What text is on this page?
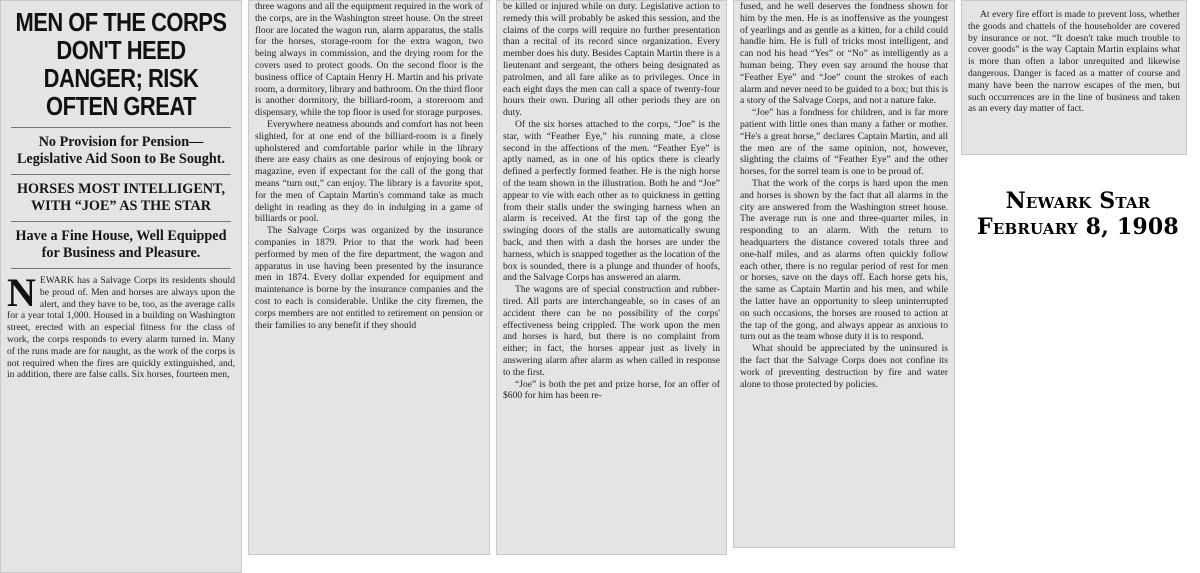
MEN OF THE CORPS DON'T HEED DANGER; RISK OFTEN GREAT
No Provision for Pension—Legislative Aid Soon to Be Sought.
HORSES MOST INTELLIGENT, WITH “JOE” AS THE STAR
Have a Fine House, Well Equipped for Business and Pleasure.

NEWARK has a Salvage Corps its residents should be proud of. Men and horses are always upon the alert, and they have to be, too, as the average calls for a year total 1,000. Housed in a building on Washington street, erected with an especial fitness for the class of work, the corps responds to every alarm turned in. Many of the runs made are for naught, as the work of the corps is not required when the fires are quickly extinguished, and, in addition, there are false calls. Six horses, fourteen men,

three wagons and all the equipment required in the work of the corps, are in the Washington street house. On the street floor are located the wagon run, alarm apparatus, the stalls for the horses, storage-room for the extra wagon, two being always in commission, and the drying room for the covers used to protect goods. On the second floor is the business office of Captain Henry H. Martin and his private room, a dormitory, library and bathroom. On the third floor is another dormitory, the billiard-room, a storeroom and dispensary, while the top floor is used for storage purposes.

Everywhere neatness abounds and comfort has not been slighted, for at one end of the billiard-room is a finely upholstered and comfortable parlor while in the library there are easy chairs as one desirous of enjoying book or magazine, even if expectant for the call of the gong that means “turn out,” can enjoy. The library is a favorite spot, for the men of Captain Martin's command take as much delight in reading as they do in indulging in a game of billiards or pool.

The Salvage Corps was organized by the insurance companies in 1879. Prior to that the work had been performed by men of the fire department, the wagon and apparatus in use having been presented by the insurance men in 1874. Every dollar expended for equipment and maintenance is borne by the insurance companies and the cost to each is considerable. Unlike the city firemen, the corps members are not entitled to retirement on pension or their families to any benefit if they should

be killed or injured while on duty. Legislative action to remedy this will probably be asked this session, and the claims of the corps will require no further presentation than a recital of its record since organization. Every member does his duty. Besides Captain Martin there is a lieutenant and sergeant, the others being designated as patrolmen, and all fare alike as to privileges. Once in each eight days the men can call a space of twenty-four hours their own. During all other periods they are on duty.

Of the six horses attached to the corps, “Joe” is the star, with “Feather Eye,” his running mate, a close second in the affections of the men. “Feather Eye” is aptly named, as in one of his optics there is clearly defined a perfectly formed feather. He is the nigh horse of the team shown in the illustration. Both he and “Joe” appear to vie with each other as to quickness in getting from their stalls under the swinging harness when an alarm is received. At the first tap of the gong the swinging doors of the stalls are automatically swung back, and then with a dash the horses are under the harness, which is snapped together as the location of the box is sounded, there is a plunge and thunder of hoofs, and the Salvage Corps has answered an alarm.

The wagons are of special construction and rubber-tired. All parts are interchangeable, so in cases of an accident there can be no possibility of the corps' effectiveness being crippled. The work upon the men and horses is hard, but there is no complaint from either; in fact, the horses appear just as lively in answering alarm after alarm as when called in response to the first.

“Joe” is both the pet and prize horse, for an offer of $600 for him has been re-

fused, and he well deserves the fondness shown for him by the men. He is as inoffensive as the youngest of yearlings and as gentle as a kitten, for a child could handle him. He is full of tricks most intelligent, and can nod his head “Yes” or “No” as intelligently as a human being. They even say around the house that “Feather Eye” and “Joe” count the strokes of each alarm and never need to be guided to a box; but this is a story of the Salvage Corps, and not a nature fake.

“Joe” has a fondness for children, and is far more patient with little ones than many a father or mother. “He's a great horse,” declares Captain Martin, and all the men are of the same opinion, not, however, slighting the claims of “Feather Eye” and the other horses, for the sorrel team is one to be proud of.

That the work of the corps is hard upon the men and horses is shown by the fact that all alarms in the city are answered from the Washington street house. The average run is one and three-quarter miles, in responding to an alarm. With the return to headquarters the distance covered totals three and one-half miles, and as alarms often quickly follow each other, there is no regular period of rest for men or horses, save on the days off. Each horse gets his, the same as Captain Martin and his men, and while the latter have an opportunity to sleep uninterrupted on such occasions, the horses are roused to action at the tap of the gong, and always appear as anxious to turn out as the team whose duty it is to respond.

What should be appreciated by the uninsured is the fact that the Salvage Corps does not confine its work of preventing destruction by fire and water alone to those protected by policies.

At every fire effort is made to prevent loss, whether the goods and chattels of the householder are covered by insurance or not. “It doesn't take much trouble to cover goods” is the way Captain Martin explains what is more than often a labor unrequited and likewise dangerous. Danger is faced as a matter of course and many have been the narrow escapes of the men, but such occurrences are in the line of business and taken as an every day matter of fact.

Newark Star
February 8, 1908
